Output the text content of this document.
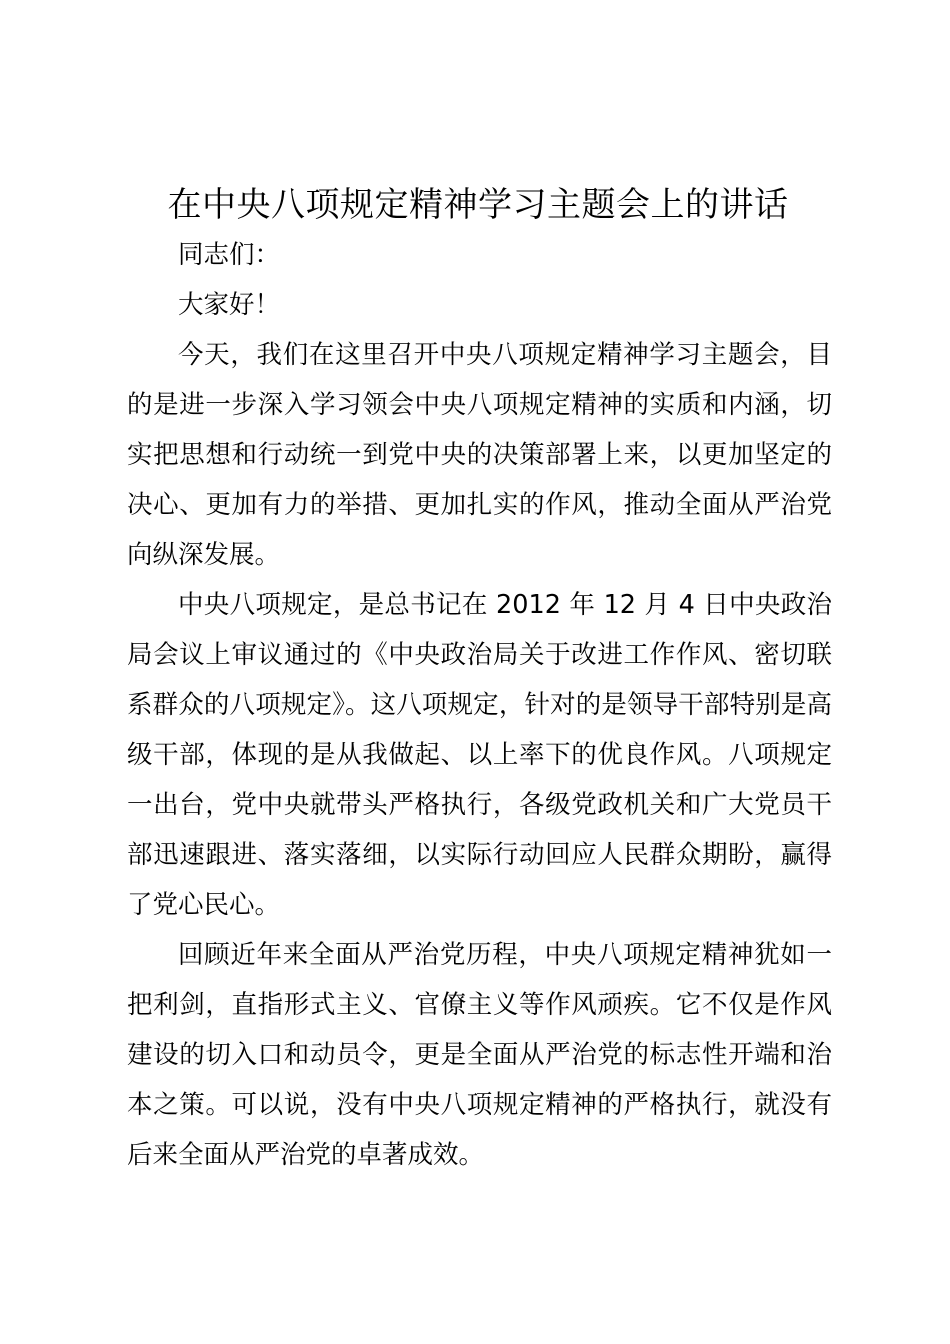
在中央八项规定精神学习主题会上的讲话

同志们：

大家好！

今天，我们在这里召开中央八项规定精神学习主题会，目的是进一步深入学习领会中央八项规定精神的实质和内涵，切实把思想和行动统一到党中央的决策部署上来，以更加坚定的决心、更加有力的举措、更加扎实的作风，推动全面从严治党向纵深发展。

中央八项规定，是总书记在 2012 年 12 月 4 日中央政治局会议上审议通过的《中央政治局关于改进工作作风、密切联系群众的八项规定》。这八项规定，针对的是领导干部特别是高级干部，体现的是从我做起、以上率下的优良作风。八项规定一出台，党中央就带头严格执行，各级党政机关和广大党员干部迅速跟进、落实落细，以实际行动回应人民群众期盼，赢得了党心民心。

回顾近年来全面从严治党历程，中央八项规定精神犹如一把利剑，直指形式主义、官僚主义等作风顽疾。它不仅是作风建设的切入口和动员令，更是全面从严治党的标志性开端和治本之策。可以说，没有中央八项规定精神的严格执行，就没有后来全面从严治党的卓著成效。
